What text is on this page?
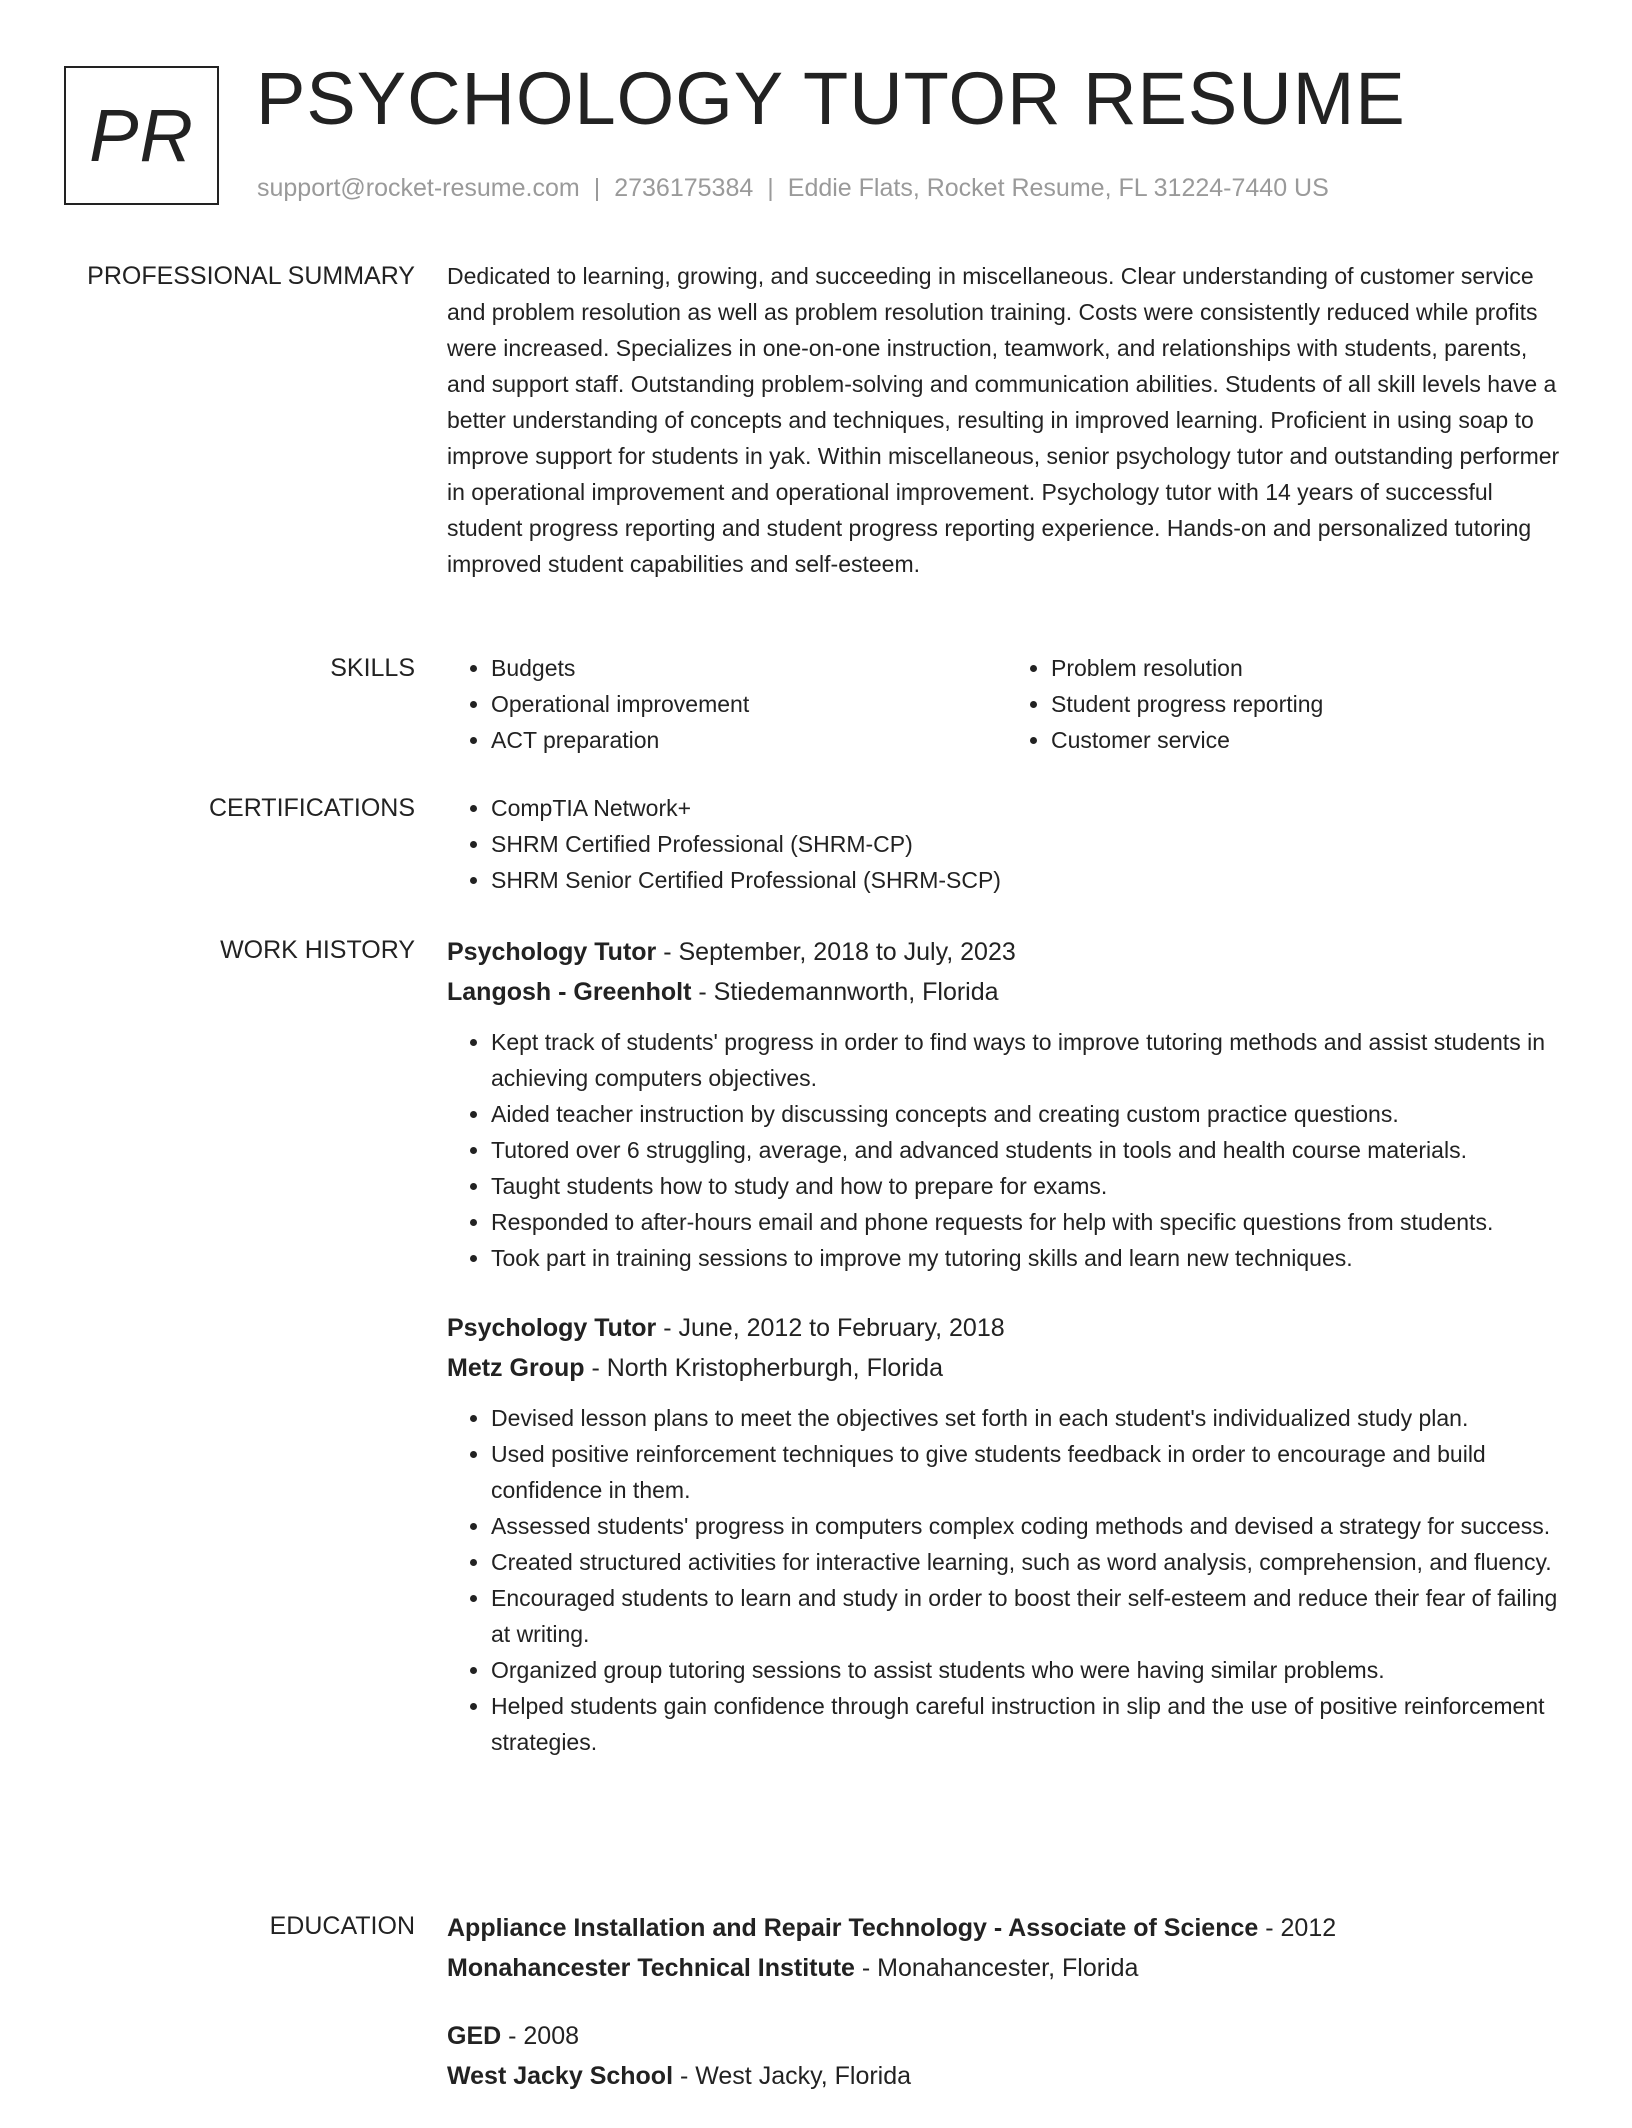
PR PSYCHOLOGY TUTOR RESUME
support@rocket-resume.com | 2736175384 | Eddie Flats, Rocket Resume, FL 31224-7440 US
PROFESSIONAL SUMMARY Dedicated to learning, growing, and succeeding in miscellaneous. Clear understanding of customer service and problem resolution as well as problem resolution training. Costs were consistently reduced while profits were increased. Specializes in one-on-one instruction, teamwork, and relationships with students, parents, and support staff. Outstanding problem-solving and communication abilities. Students of all skill levels have a better understanding of concepts and techniques, resulting in improved learning. Proficient in using soap to improve support for students in yak. Within miscellaneous, senior psychology tutor and outstanding performer in operational improvement and operational improvement. Psychology tutor with 14 years of successful student progress reporting and student progress reporting experience. Hands-on and personalized tutoring improved student capabilities and self-esteem.

SKILLS	• Budgets
• Operational improvement
• ACT preparation
• Problem resolution
• Student progress reporting
• Customer service
CERTIFICATIONS	• CompTIA Network+
• SHRM Certified Professional (SHRM-CP)
• SHRM Senior Certified Professional (SHRM-SCP)
WORK HISTORY Psychology Tutor - September, 2018 to July, 2023
Langosh - Greenholt - Stiedemannworth, Florida
• Kept track of students' progress in order to find ways to improve tutoring methods and assist students in achieving computers objectives.
• Aided teacher instruction by discussing concepts and creating custom practice questions.
• Tutored over 6 struggling, average, and advanced students in tools and health course materials.
• Taught students how to study and how to prepare for exams.
• Responded to after-hours email and phone requests for help with specific questions from students.
• Took part in training sessions to improve my tutoring skills and learn new techniques.
Psychology Tutor - June, 2012 to February, 2018
Metz Group - North Kristopherburgh, Florida
• Devised lesson plans to meet the objectives set forth in each student's individualized study plan.
• Used positive reinforcement techniques to give students feedback in order to encourage and build confidence in them.
• Assessed students' progress in computers complex coding methods and devised a strategy for success.
• Created structured activities for interactive learning, such as word analysis, comprehension, and fluency.
• Encouraged students to learn and study in order to boost their self-esteem and reduce their fear of failing at writing.
• Organized group tutoring sessions to assist students who were having similar problems.
• Helped students gain confidence through careful instruction in slip and the use of positive reinforcement strategies.
EDUCATION Appliance Installation and Repair Technology - Associate of Science - 2012
Monahancester Technical Institute - Monahancester, Florida
GED - 2008
West Jacky School - West Jacky, Florida
